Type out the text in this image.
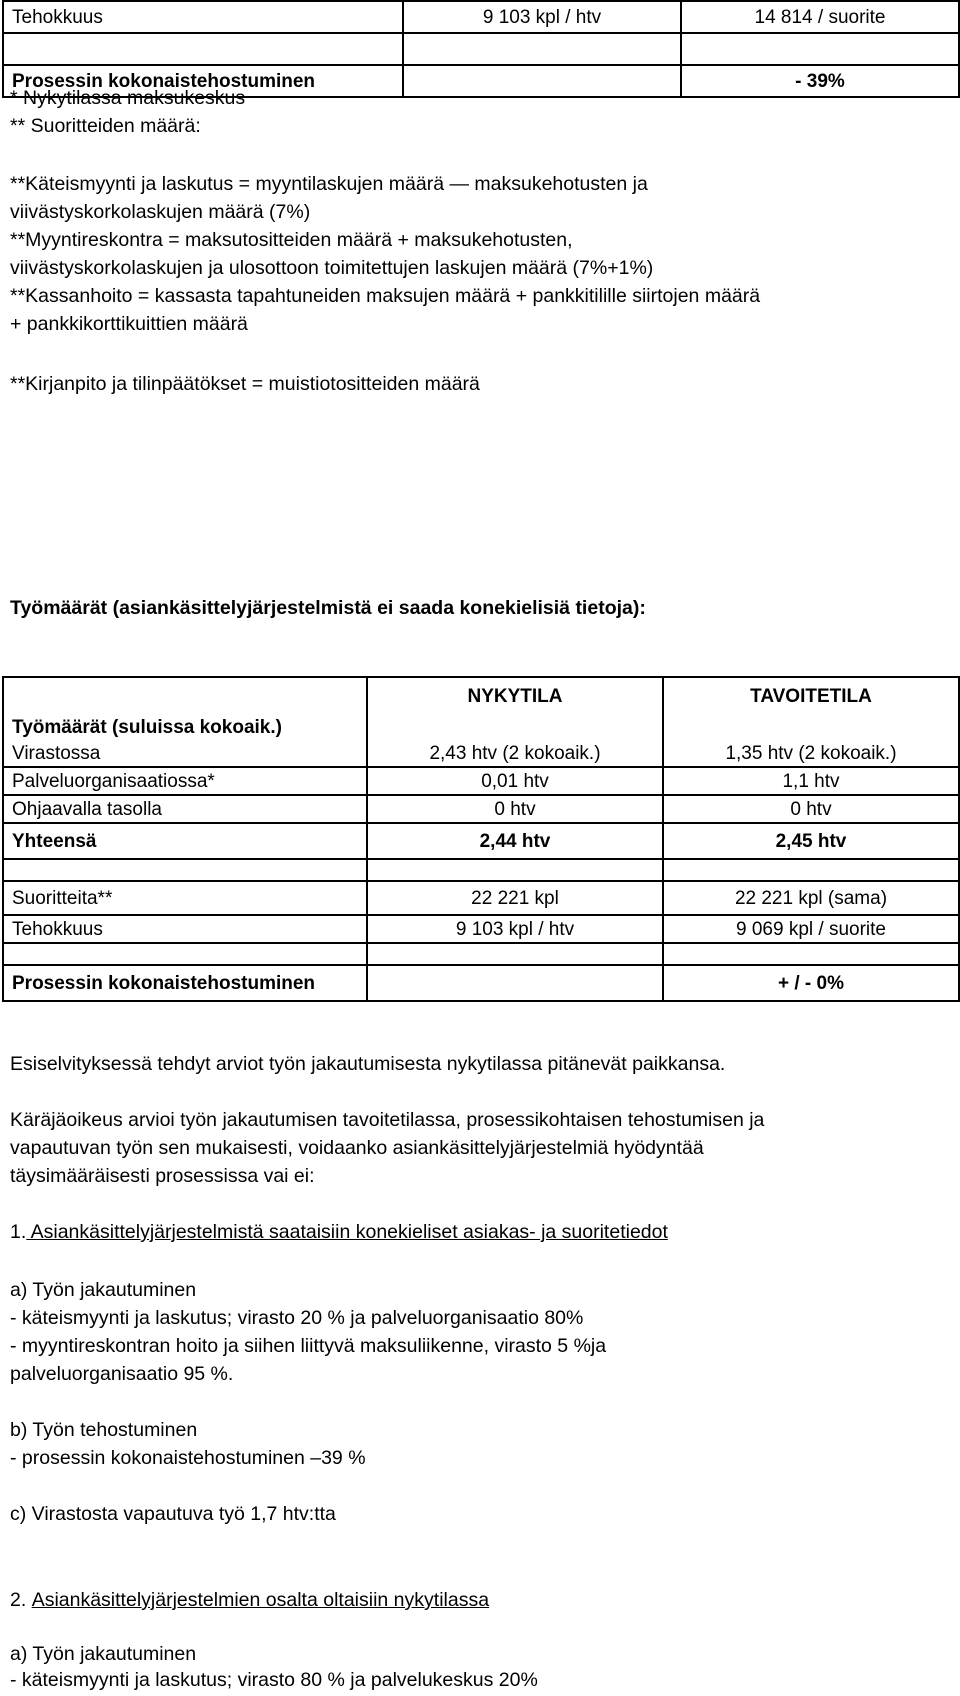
Tehokkuus	9 103 kpl / htv	14 814 / suorite

Prosessin kokonaistehostuminen		- 39%
* Nykytilassa maksukeskus
** Suoritteiden määrä:
**Käteismyynti ja laskutus = myyntilaskujen määrä — maksukehotusten ja
viivästyskorkolaskujen määrä (7%)
**Myyntireskontra = maksutositteiden määrä + maksukehotusten,
viivästyskorkolaskujen ja ulosottoon toimitettujen laskujen määrä (7%+1%)
**Kassanhoito = kassasta tapahtuneiden maksujen määrä + pankkitilille siirtojen määrä
+ pankkikorttikuittien määrä
**Kirjanpito ja tilinpäätökset = muistiotositteiden määrä
Työmäärät (asiankäsittelyjärjestelmistä ei saada konekielisiä tietoja):
	NYKYTILA	TAVOITETILA
Työmäärät (suluissa kokoaik.)		
Virastossa	2,43 htv (2 kokoaik.)	1,35 htv (2 kokoaik.)
Palveluorganisaatiossa*	0,01 htv	1,1 htv
Ohjaavalla tasolla	0 htv	0 htv
Yhteensä	2,44 htv	2,45 htv

Suoritteita**	22 221 kpl	22 221 kpl (sama)
Tehokkuus	9 103 kpl / htv	9 069 kpl / suorite

Prosessin kokonaistehostuminen		+ / - 0%
Esiselvityksessä tehdyt arviot työn jakautumisesta nykytilassa pitänevät paikkansa.
Käräjäoikeus arvioi työn jakautumisen tavoitetilassa, prosessikohtaisen tehostumisen ja
vapautuvan työn sen mukaisesti, voidaanko asiankäsittelyjärjestelmiä hyödyntää
täysimääräisesti prosessissa vai ei:
1. Asiankäsittelyjärjestelmistä saataisiin konekieliset asiakas- ja suoritetiedot
a) Työn jakautuminen
- käteismyynti ja laskutus; virasto 20 % ja palveluorganisaatio 80%
- myyntireskontran hoito ja siihen liittyvä maksuliikenne, virasto 5 %ja
palveluorganisaatio 95 %.
b) Työn tehostuminen
- prosessin kokonaistehostuminen –39 %
c) Virastosta vapautuva työ 1,7 htv:tta
2. Asiankäsittelyjärjestelmien osalta oltaisiin nykytilassa
a) Työn jakautuminen
- käteismyynti ja laskutus; virasto 80 % ja palvelukeskus 20%
